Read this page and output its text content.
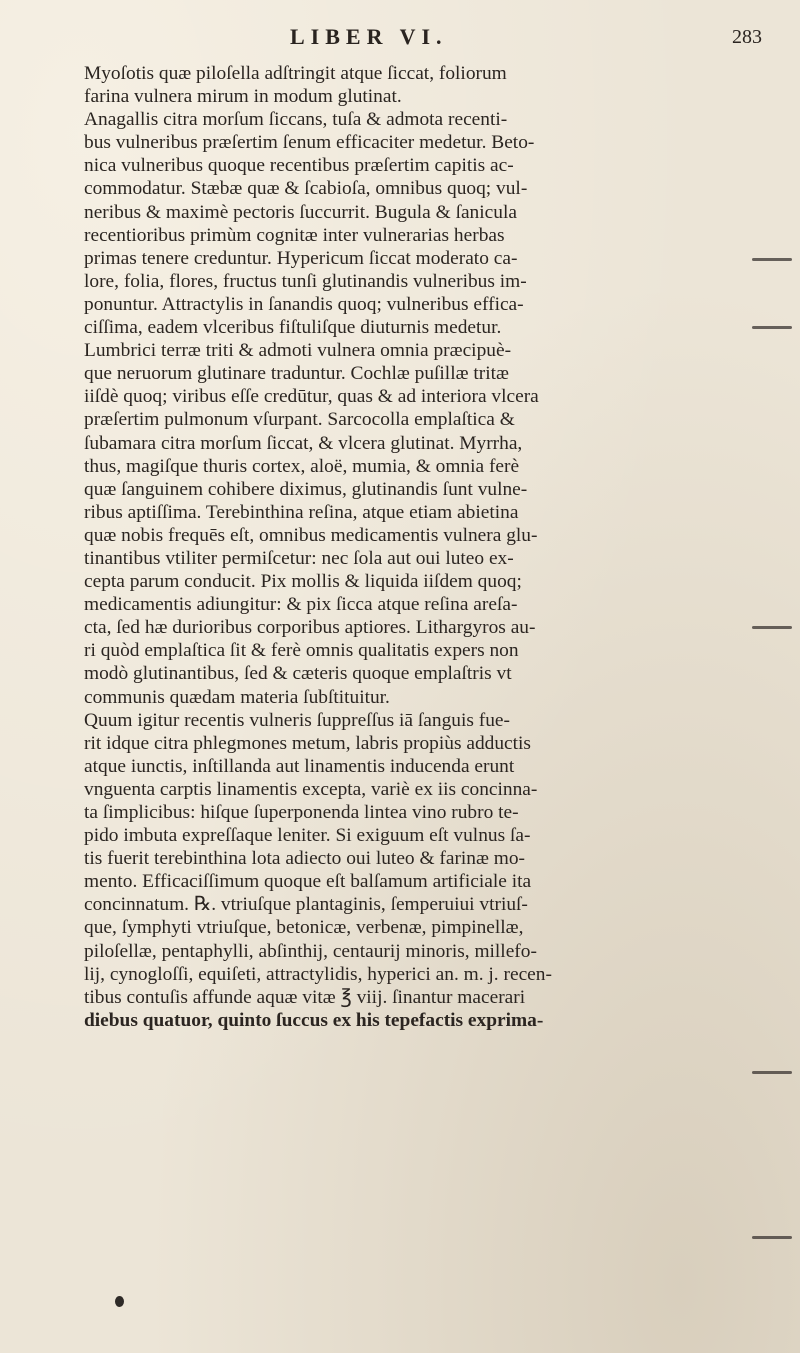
LIBER VI.	283
Myoſotis quæ piloſella adſtringit atque ſiccat, foliorum
farina vulnera mirum in modum glutinat.
Anagallis citra morſum ſiccans, tuſa & admota recenti-
bus vulneribus præſertim ſenum efficaciter medetur. Beto-
nica vulneribus quoque recentibus præſertim capitis ac-
commodatur. Stæbæ quæ & ſcabioſa, omnibus quoq; vul-
neribus & maximè pectoris ſuccurrit. Bugula & ſanicula
recentioribus primùm cognitæ inter vulnerarias herbas
primas tenere creduntur. Hypericum ſiccat moderato ca-
lore, folia, flores, fructus tunſi glutinandis vulneribus im-
ponuntur. Attractylis in ſanandis quoq; vulneribus effica-
ciſſima, eadem vlceribus fiſtuliſque diuturnis medetur.
Lumbrici terræ triti & admoti vulnera omnia præcipuè-
que neruorum glutinare traduntur. Cochlæ puſillæ tritæ
iiſdè quoq; viribus eſſe credūtur, quas & ad interiora vlcera
præſertim pulmonum vſurpant. Sarcocolla emplaſtica &
ſubamara citra morſum ſiccat, & vlcera glutinat. Myrrha,
thus, magiſque thuris cortex, aloë, mumia, & omnia ferè
quæ ſanguinem cohibere diximus, glutinandis ſunt vulne-
ribus aptiſſima. Terebinthina reſina, atque etiam abietina
quæ nobis frequēs eſt, omnibus medicamentis vulnera glu-
tinantibus vtiliter permiſcetur: nec ſola aut oui luteo ex-
cepta parum conducit. Pix mollis & liquida iiſdem quoq;
medicamentis adiungitur: & pix ſicca atque reſina areſa-
cta, ſed hæ durioribus corporibus aptiores. Lithargyros au-
ri quòd emplaſtica ſit & ferè omnis qualitatis expers non
modò glutinantibus, ſed & cæteris quoque emplaſtris vt
communis quædam materia ſubſtituitur.
Quum igitur recentis vulneris ſuppreſſus iā ſanguis fue-
rit idque citra phlegmones metum, labris propiùs adductis
atque iunctis, inſtillanda aut linamentis inducenda erunt
vnguenta carptis linamentis excepta, variè ex iis concinna-
ta ſimplicibus: hiſque ſuperponenda lintea vino rubro te-
pido imbuta expreſſaque leniter. Si exiguum eſt vulnus ſa-
tis fuerit terebinthina lota adiecto oui luteo & farinæ mo-
mento. Efficaciſſimum quoque eſt balſamum artificiale ita
concinnatum. ℞. vtriuſque plantaginis, ſemperuiui vtriuſ-
que, ſymphyti vtriuſque, betonicæ, verbenæ, pimpinellæ,
piloſellæ, pentaphylli, abſinthij, centaurij minoris, millefo-
lij, cynogloſſi, equiſeti, attractylidis, hyperici an. m. j. recen-
tibus contuſis affunde aquæ vitæ ℥ viij. ſinantur macerari
diebus quatuor, quinto ſuccus ex his tepefactis exprima-
